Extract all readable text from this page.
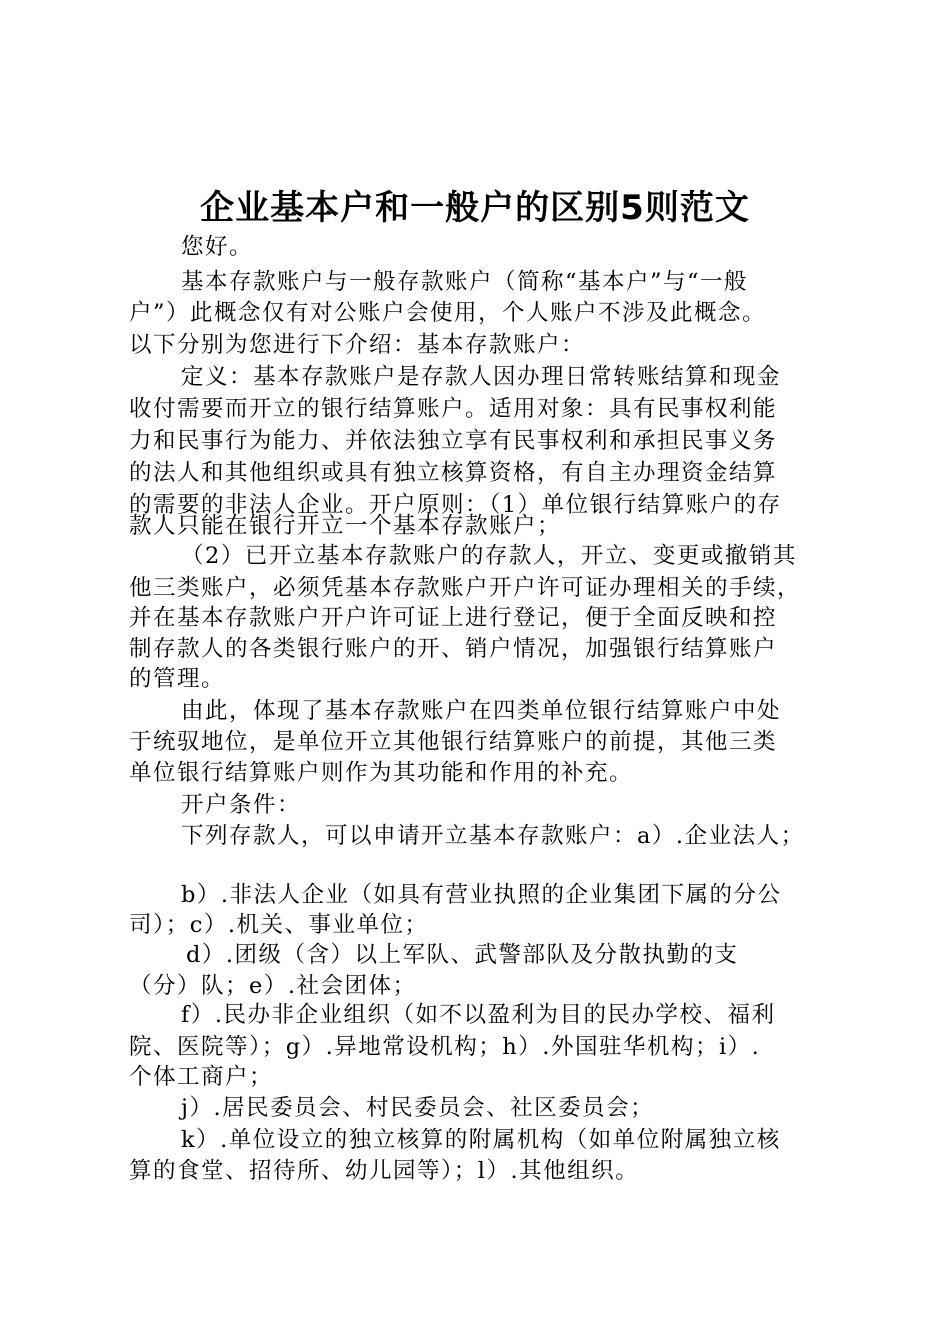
企业基本户和一般户的区别5则范文
您好。
基本存款账户与一般存款账户（简称“基本户”与“一般
户”）此概念仅有对公账户会使用，个人账户不涉及此概念。
以下分别为您进行下介绍：基本存款账户：
定义：基本存款账户是存款人因办理日常转账结算和现金
收付需要而开立的银行结算账户。适用对象：具有民事权利能
力和民事行为能力、并依法独立享有民事权利和承担民事义务
的法人和其他组织或具有独立核算资格，有自主办理资金结算
的需要的非法人企业。开户原则：（1）单位银行结算账户的存
款人只能在银行开立一个基本存款账户；
（2）已开立基本存款账户的存款人，开立、变更或撤销其
他三类账户，必须凭基本存款账户开户许可证办理相关的手续，
并在基本存款账户开户许可证上进行登记，便于全面反映和控
制存款人的各类银行账户的开、销户情况，加强银行结算账户
的管理。
由此，体现了基本存款账户在四类单位银行结算账户中处
于统驭地位，是单位开立其他银行结算账户的前提，其他三类
单位银行结算账户则作为其功能和作用的补充。
开户条件：
下列存款人，可以申请开立基本存款账户：a）.企业法人；
b）.非法人企业（如具有营业执照的企业集团下属的分公
司）；c）.机关、事业单位；
d）.团级（含）以上军队、武警部队及分散执勤的支
（分）队；e）.社会团体；
f）.民办非企业组织（如不以盈利为目的民办学校、福利
院、医院等）；g）.异地常设机构；h）.外国驻华机构；i）.
个体工商户；
j）.居民委员会、村民委员会、社区委员会；
k）.单位设立的独立核算的附属机构（如单位附属独立核
算的食堂、招待所、幼儿园等）；l）.其他组织。
